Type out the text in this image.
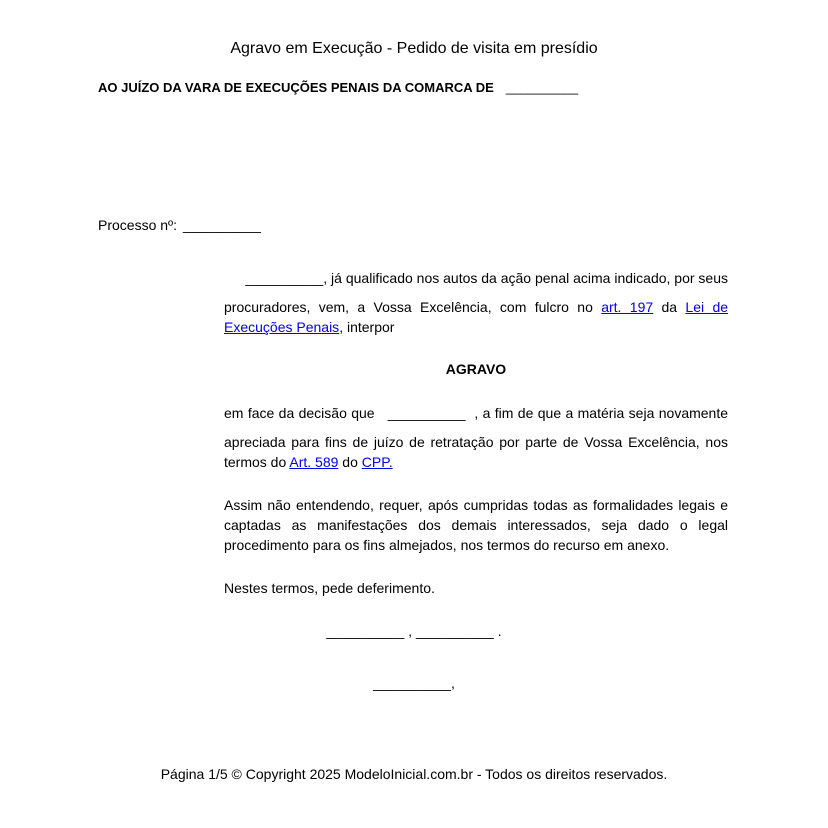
Agravo em Execução - Pedido de visita em presídio
AO JUÍZO DA VARA DE EXECUÇÕES PENAIS DA COMARCA DE __________
Processo nº: __________
__________, já qualificado nos autos da ação penal acima indicado, por seus
procuradores, vem, a Vossa Excelência, com fulcro no art. 197 da Lei de
Execuções Penais, interpor
AGRAVO
em face da decisão que __________ , a fim de que a matéria seja novamente
apreciada para fins de juízo de retratação por parte de Vossa Excelência, nos
termos do Art. 589 do CPP.
Assim não entendendo, requer, após cumpridas todas as formalidades legais e
captadas as manifestações dos demais interessados, seja dado o legal
procedimento para os fins almejados, nos termos do recurso em anexo.
Nestes termos, pede deferimento.
__________ , __________ .
__________,
Página 1/5 © Copyright 2025 ModeloInicial.com.br - Todos os direitos reservados.
